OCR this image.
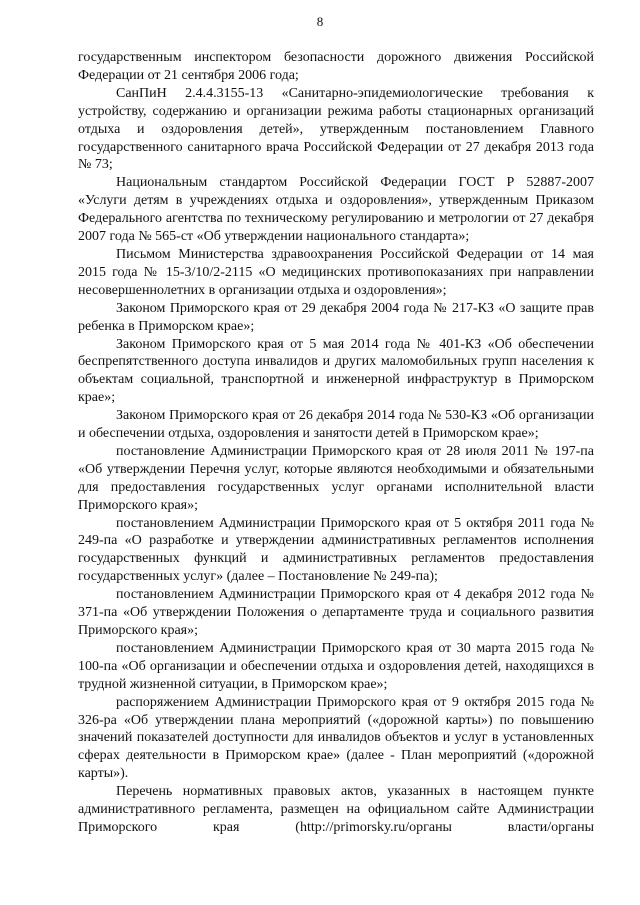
8

государственным инспектором безопасности дорожного движения Российской Федерации от 21 сентября 2006 года;

СанПиН 2.4.4.3155-13 «Санитарно-эпидемиологические требования к устройству, содержанию и организации режима работы стационарных организаций отдыха и оздоровления детей», утвержденным постановлением Главного государственного санитарного врача Российской Федерации от 27 декабря 2013 года № 73;

Национальным стандартом Российской Федерации ГОСТ Р 52887-2007 «Услуги детям в учреждениях отдыха и оздоровления», утвержденным Приказом Федерального агентства по техническому регулированию и метрологии от 27 декабря 2007 года № 565-ст «Об утверждении национального стандарта»;

Письмом Министерства здравоохранения Российской Федерации от 14 мая 2015 года № 15-3/10/2-2115 «О медицинских противопоказаниях при направлении несовершеннолетних в организации отдыха и оздоровления»;

Законом Приморского края от 29 декабря 2004 года № 217-КЗ «О защите прав ребенка в Приморском крае»;

Законом Приморского края от 5 мая 2014 года № 401-КЗ «Об обеспечении беспрепятственного доступа инвалидов и других маломобильных групп населения к объектам социальной, транспортной и инженерной инфраструктур в Приморском крае»;

Законом Приморского края от 26 декабря 2014 года № 530-КЗ «Об организации и обеспечении отдыха, оздоровления и занятости детей в Приморском крае»;

постановление Администрации Приморского края от 28 июля 2011 № 197-па «Об утверждении Перечня услуг, которые являются необходимыми и обязательными для предоставления государственных услуг органами исполнительной власти Приморского края»;

постановлением Администрации Приморского края от 5 октября 2011 года № 249-па «О разработке и утверждении административных регламентов исполнения государственных функций и административных регламентов предоставления государственных услуг» (далее – Постановление № 249-па);

постановлением Администрации Приморского края от 4 декабря 2012 года № 371-па «Об утверждении Положения о департаменте труда и социального развития Приморского края»;

постановлением Администрации Приморского края от 30 марта 2015 года № 100-па «Об организации и обеспечении отдыха и оздоровления детей, находящихся в трудной жизненной ситуации, в Приморском крае»;

распоряжением Администрации Приморского края от 9 октября 2015 года № 326-ра «Об утверждении плана мероприятий («дорожной карты») по повышению значений показателей доступности для инвалидов объектов и услуг в установленных сферах деятельности в Приморском крае» (далее - План мероприятий («дорожной карты»).

Перечень нормативных правовых актов, указанных в настоящем пункте административного регламента, размещен на официальном сайте Администрации Приморского края (http://primorsky.ru/органы власти/органы
